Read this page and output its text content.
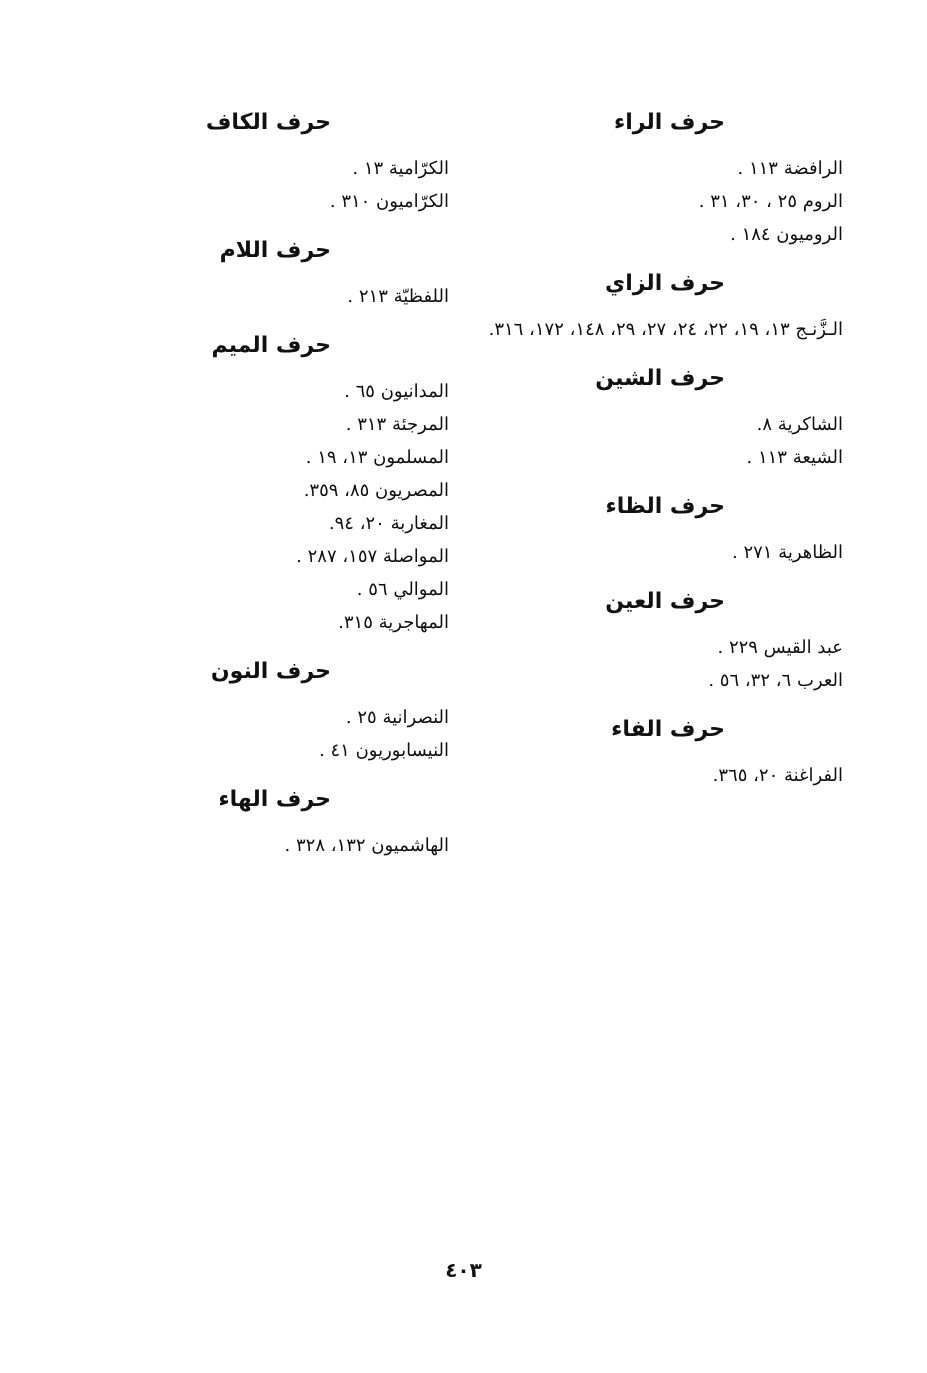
حرف الراء
الرافضة ١١٣ .
الروم ٢٥ ، ٣٠، ٣١ .
الروميون ١٨٤ .
حرف الزاي
الـزَّنـج ١٣، ١٩، ٢٢، ٢٤، ٢٧، ٢٩، ١٤٨، ١٧٢، ٣١٦.
حرف الشين
الشاكرية ٨.
الشيعة ١١٣ .
حرف الظاء
الظاهرية ٢٧١ .
حرف العين
عبد القيس ٢٢٩ .
العرب ٦، ٣٢، ٥٦ .
حرف الفاء
الفراغنة ٢٠، ٣٦٥.
حرف الكاف
الكرّامية ١٣ .
الكرّاميون ٣١٠ .
حرف اللام
اللفظيّة ٢١٣ .
حرف الميم
المدانيون ٦٥ .
المرجئة ٣١٣ .
المسلمون ١٣، ١٩ .
المصريون ٨٥، ٣٥٩.
المغاربة ٢٠، ٩٤.
المواصلة ١٥٧، ٢٨٧ .
الموالي ٥٦ .
المهاجرية ٣١٥.
حرف النون
النصرانية ٢٥ .
النيسابوريون ٤١ .
حرف الهاء
الهاشميون ١٣٢، ٣٢٨ .
٤٠٣
